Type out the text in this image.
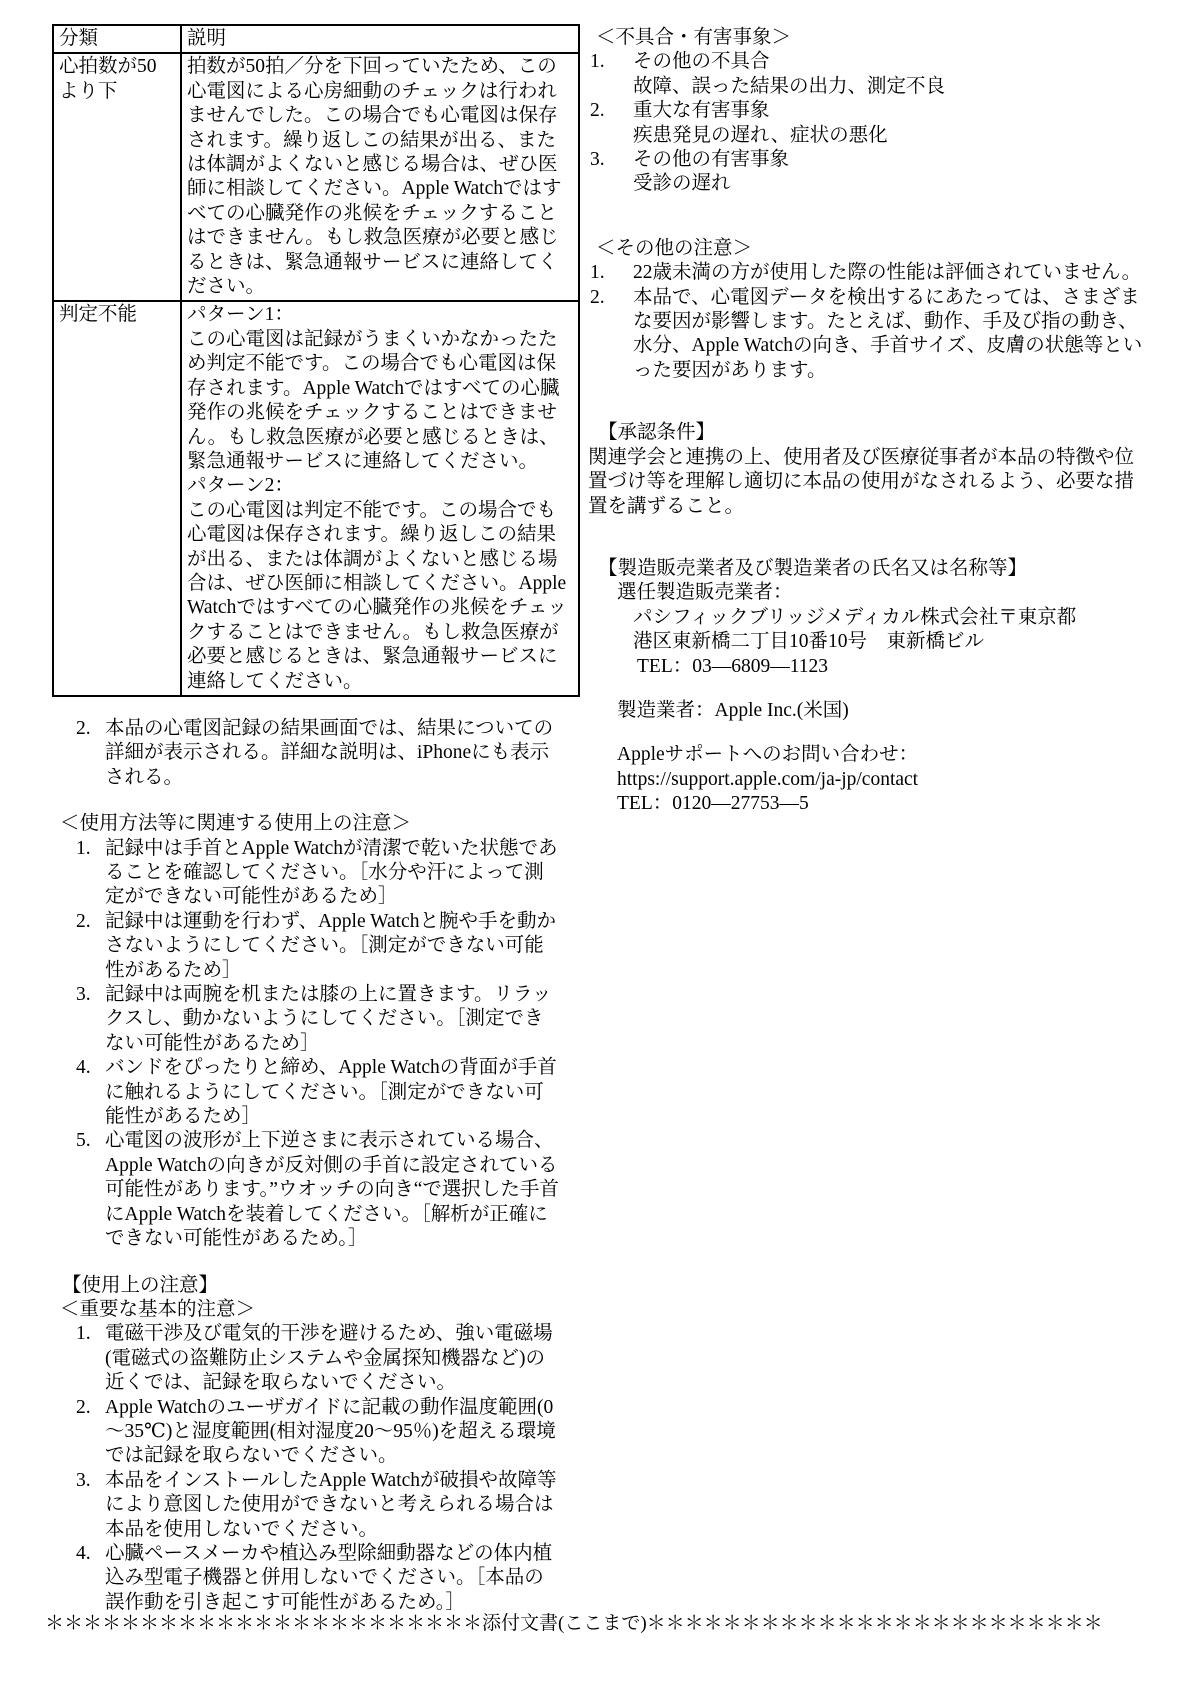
分類	説明
心拍数が50より下	拍数が50拍／分を下回っていたため、この心電図による心房細動のチェックは行われませんでした。この場合でも心電図は保存されます。繰り返しこの結果が出る、または体調がよくないと感じる場合は、ぜひ医師に相談してください。Apple Watchではすべての心臓発作の兆候をチェックすることはできません。もし救急医療が必要と感じるときは、緊急通報サービスに連絡してください。
判定不能	パターン1：
この心電図は記録がうまくいかなかったため判定不能です。この場合でも心電図は保存されます。Apple Watchではすべての心臓発作の兆候をチェックすることはできません。もし救急医療が必要と感じるときは、緊急通報サービスに連絡してください。
パターン2：
この心電図は判定不能です。この場合でも心電図は保存されます。繰り返しこの結果が出る、または体調がよくないと感じる場合は、ぜひ医師に相談してください。Apple Watchではすべての心臓発作の兆候をチェックすることはできません。もし救急医療が必要と感じるときは、緊急通報サービスに連絡してください。
2. 本品の心電図記録の結果画面では、結果についての詳細が表示される。詳細な説明は、iPhoneにも表示される。
＜使用方法等に関連する使用上の注意＞
1. 記録中は手首とApple Watchが清潔で乾いた状態であることを確認してください。［水分や汗によって測定ができない可能性があるため］
2. 記録中は運動を行わず、Apple Watchと腕や手を動かさないようにしてください。［測定ができない可能性があるため］
3. 記録中は両腕を机または膝の上に置きます。リラックスし、動かないようにしてください。［測定できない可能性があるため］
4. バンドをぴったりと締め、Apple Watchの背面が手首に触れるようにしてください。［測定ができない可能性があるため］
5. 心電図の波形が上下逆さまに表示されている場合、Apple Watchの向きが反対側の手首に設定されている可能性があります。”ウオッチの向き“で選択した手首にApple Watchを装着してください。［解析が正確にできない可能性があるため。］
【使用上の注意】
＜重要な基本的注意＞
1. 電磁干渉及び電気的干渉を避けるため、強い電磁場(電磁式の盗難防止システムや金属探知機器など)の近くでは、記録を取らないでください。
2. Apple Watchのユーザガイドに記載の動作温度範囲(0～35℃)と湿度範囲(相対湿度20～95％)を超える環境では記録を取らないでください。
3. 本品をインストールしたApple Watchが破損や故障等により意図した使用ができないと考えられる場合は本品を使用しないでください。
4. 心臓ペースメーカや植込み型除細動器などの体内植込み型電子機器と併用しないでください。［本品の誤作動を引き起こす可能性があるため。］
＜不具合・有害事象＞
1.	その他の不具合
故障、誤った結果の出力、測定不良
2.	重大な有害事象
疾患発見の遅れ、症状の悪化
3.	その他の有害事象
受診の遅れ
＜その他の注意＞
1.	22歳未満の方が使用した際の性能は評価されていません。
2.	本品で、心電図データを検出するにあたっては、さまざまな要因が影響します。たとえば、動作、手及び指の動き、水分、Apple Watchの向き、手首サイズ、皮膚の状態等といった要因があります。
【承認条件】
関連学会と連携の上、使用者及び医療従事者が本品の特徴や位置づけ等を理解し適切に本品の使用がなされるよう、必要な措置を講ずること。
【製造販売業者及び製造業者の氏名又は名称等】
選任製造販売業者：
パシフィックブリッジメディカル株式会社〒東京都
港区東新橋二丁目10番10号　東新橋ビル
TEL：03—6809—1123
製造業者：Apple Inc.(米国)
Appleサポートへのお問い合わせ：
https://support.apple.com/ja-jp/contact
TEL：0120—27753—5
＊＊＊＊＊＊＊＊＊＊＊＊＊＊＊＊＊＊＊＊＊＊＊添付文書(ここまで)＊＊＊＊＊＊＊＊＊＊＊＊＊＊＊＊＊＊＊＊＊＊＊＊
